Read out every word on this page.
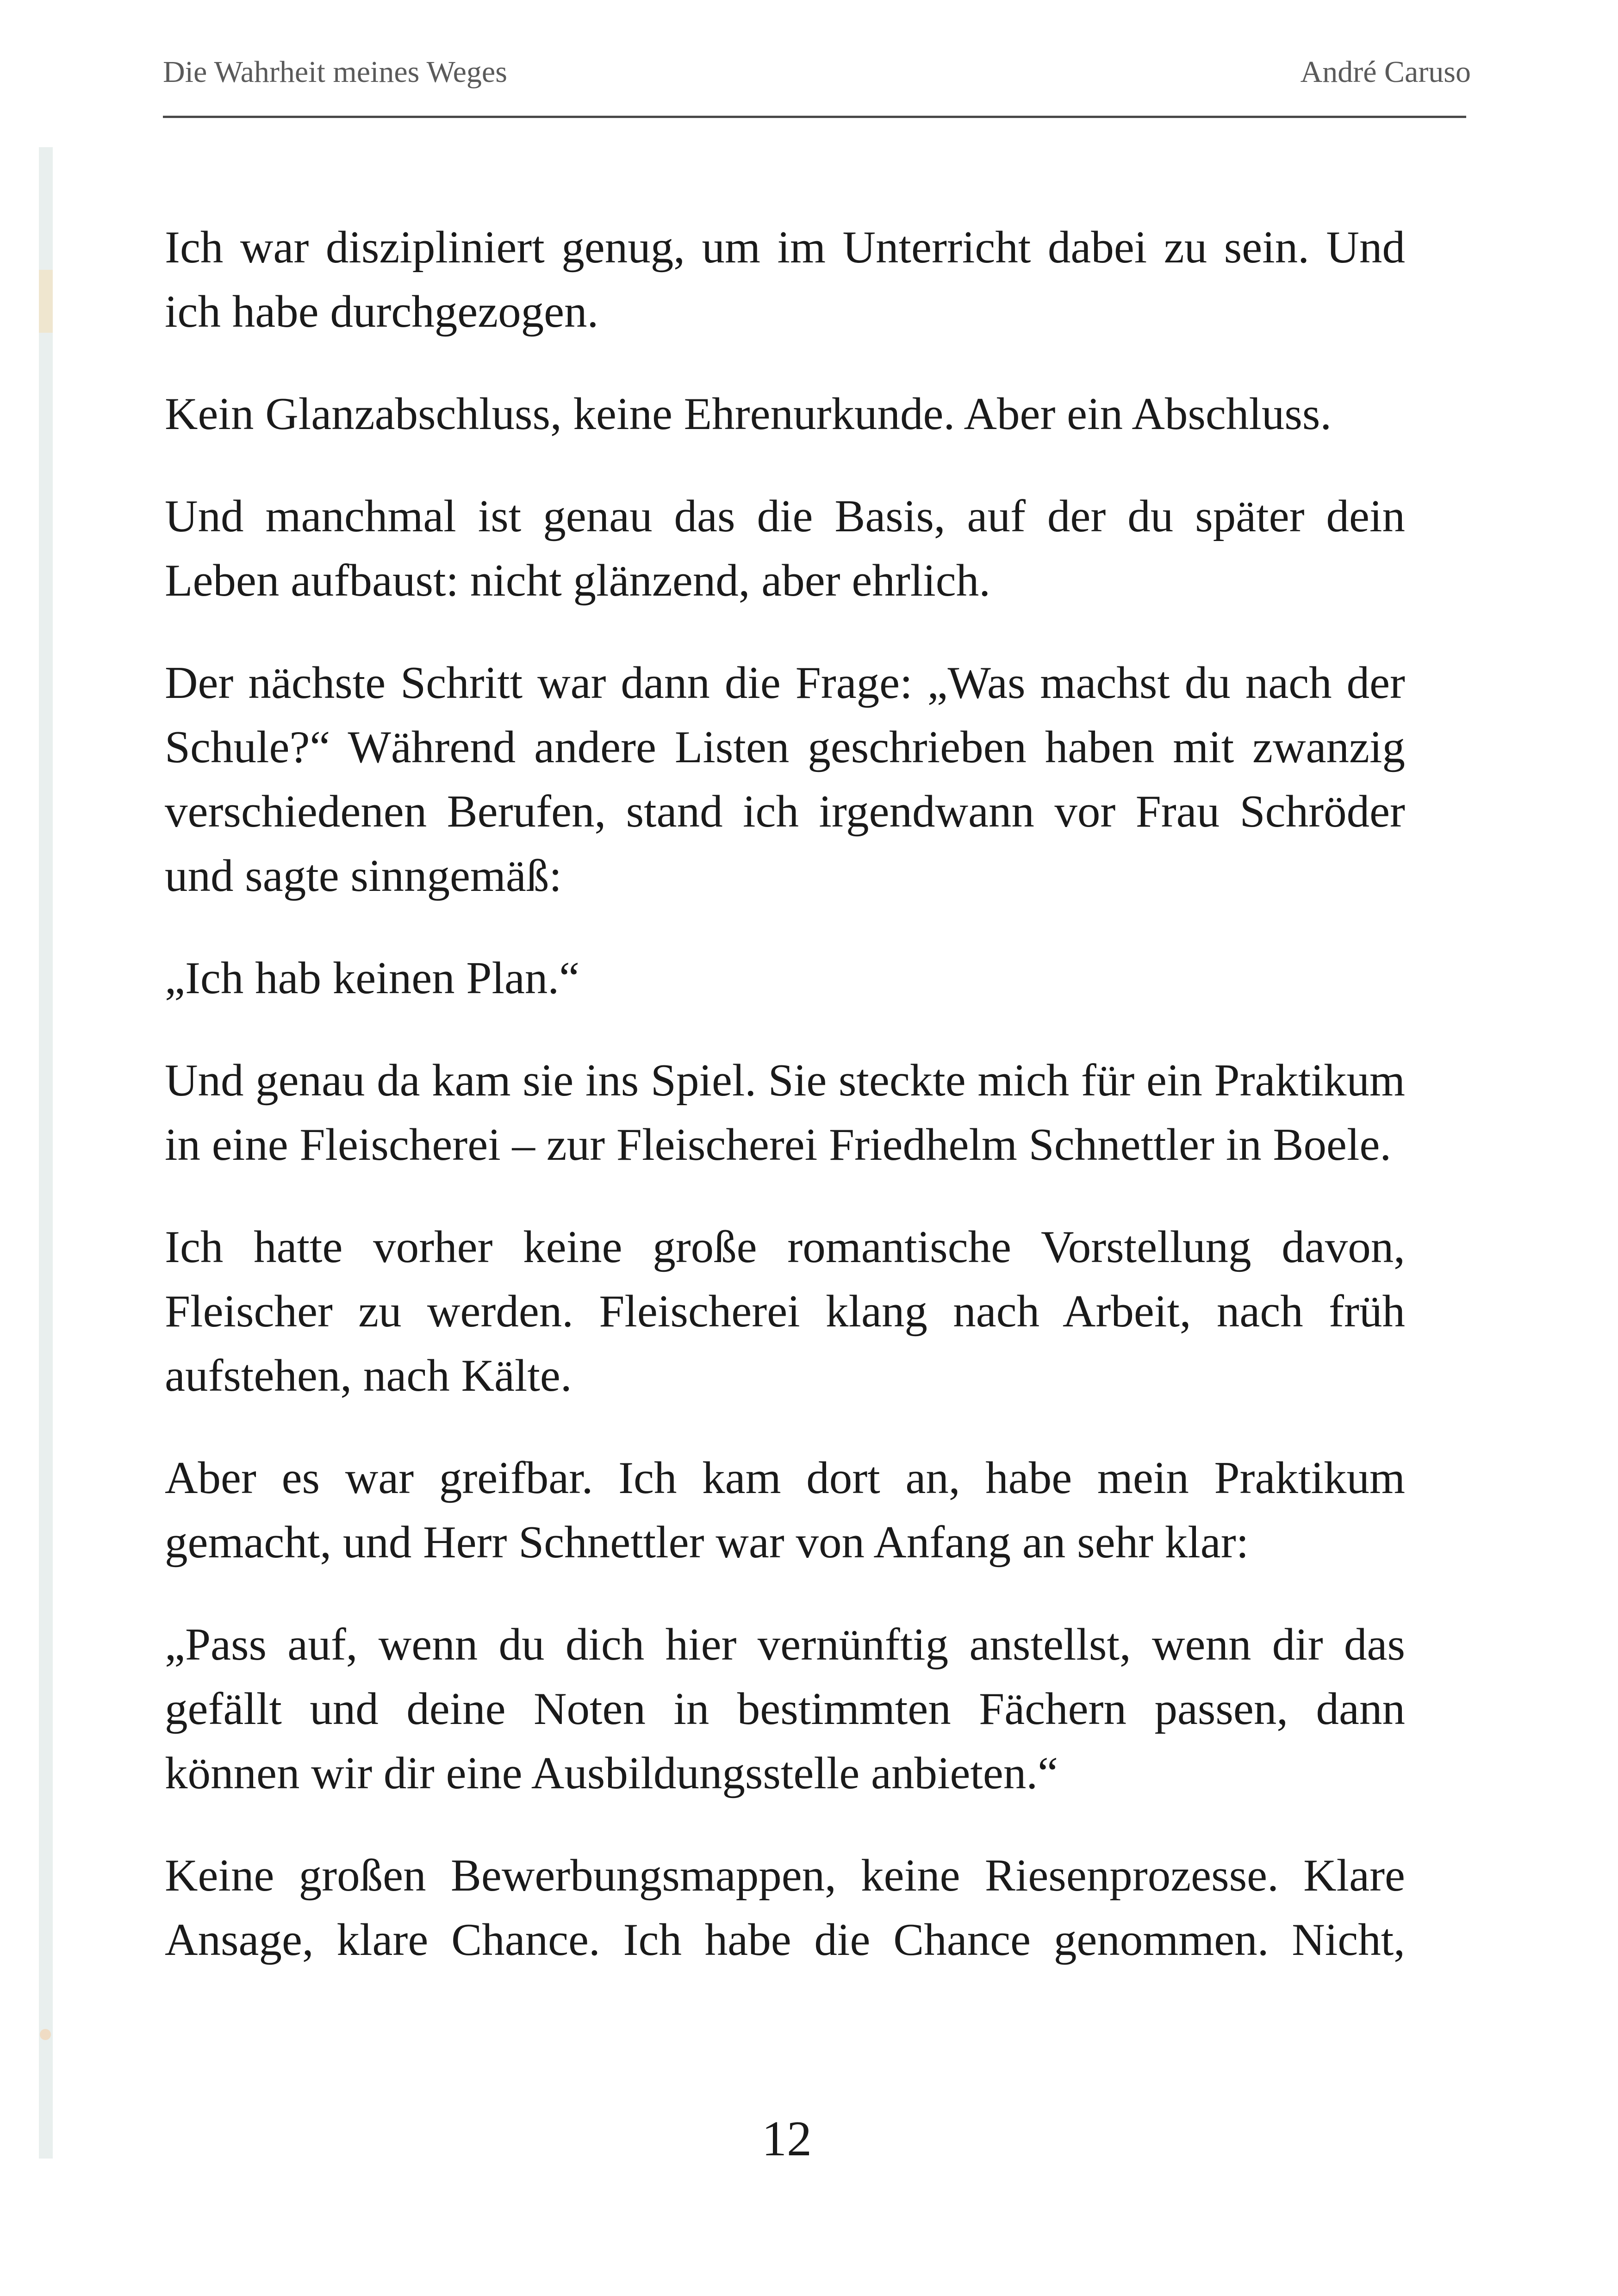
Die Wahrheit meines Weges	André Caruso

Ich war diszipliniert genug, um im Unterricht dabei zu sein. Und ich habe durchgezogen.

Kein Glanzabschluss, keine Ehrenurkunde. Aber ein Abschluss.

Und manchmal ist genau das die Basis, auf der du später dein Leben aufbaust: nicht glänzend, aber ehrlich.

Der nächste Schritt war dann die Frage: „Was machst du nach der Schule?“ Während andere Listen geschrieben haben mit zwanzig verschiedenen Berufen, stand ich irgendwann vor Frau Schröder und sagte sinngemäß:

„Ich hab keinen Plan.“

Und genau da kam sie ins Spiel. Sie steckte mich für ein Praktikum in eine Fleischerei – zur Fleischerei Friedhelm Schnettler in Boele.

Ich hatte vorher keine große romantische Vorstellung davon, Fleischer zu werden. Fleischerei klang nach Arbeit, nach früh aufstehen, nach Kälte.

Aber es war greifbar. Ich kam dort an, habe mein Praktikum gemacht, und Herr Schnettler war von Anfang an sehr klar:

„Pass auf, wenn du dich hier vernünftig anstellst, wenn dir das gefällt und deine Noten in bestimmten Fächern passen, dann können wir dir eine Ausbildungsstelle anbieten.“

Keine großen Bewerbungsmappen, keine Riesenprozesse. Klare Ansage, klare Chance. Ich habe die Chance genommen. Nicht,

12
